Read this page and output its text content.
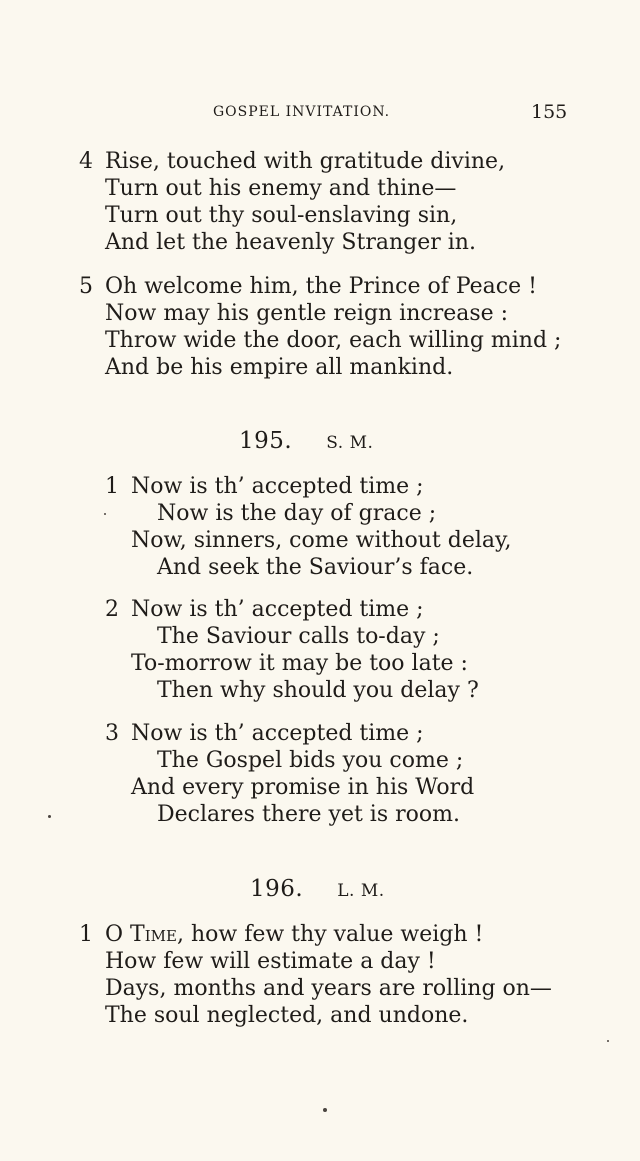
GOSPEL INVITATION.	155
4 Rise, touched with gratitude divine,
Turn out his enemy and thine—
Turn out thy soul-enslaving sin,
And let the heavenly Stranger in.
5 Oh welcome him, the Prince of Peace !
Now may his gentle reign increase :
Throw wide the door, each willing mind ;
And be his empire all mankind.
195. S. M.
1 Now is th’ accepted time ;
Now is the day of grace ;
Now, sinners, come without delay,
And seek the Saviour’s face.
2 Now is th’ accepted time ;
The Saviour calls to-day ;
To-morrow it may be too late :
Then why should you delay ?
3 Now is th’ accepted time ;
The Gospel bids you come ;
And every promise in his Word
Declares there yet is room.
196. L. M.
1 O Time, how few thy value weigh !
How few will estimate a day !
Days, months and years are rolling on—
The soul neglected, and undone.
